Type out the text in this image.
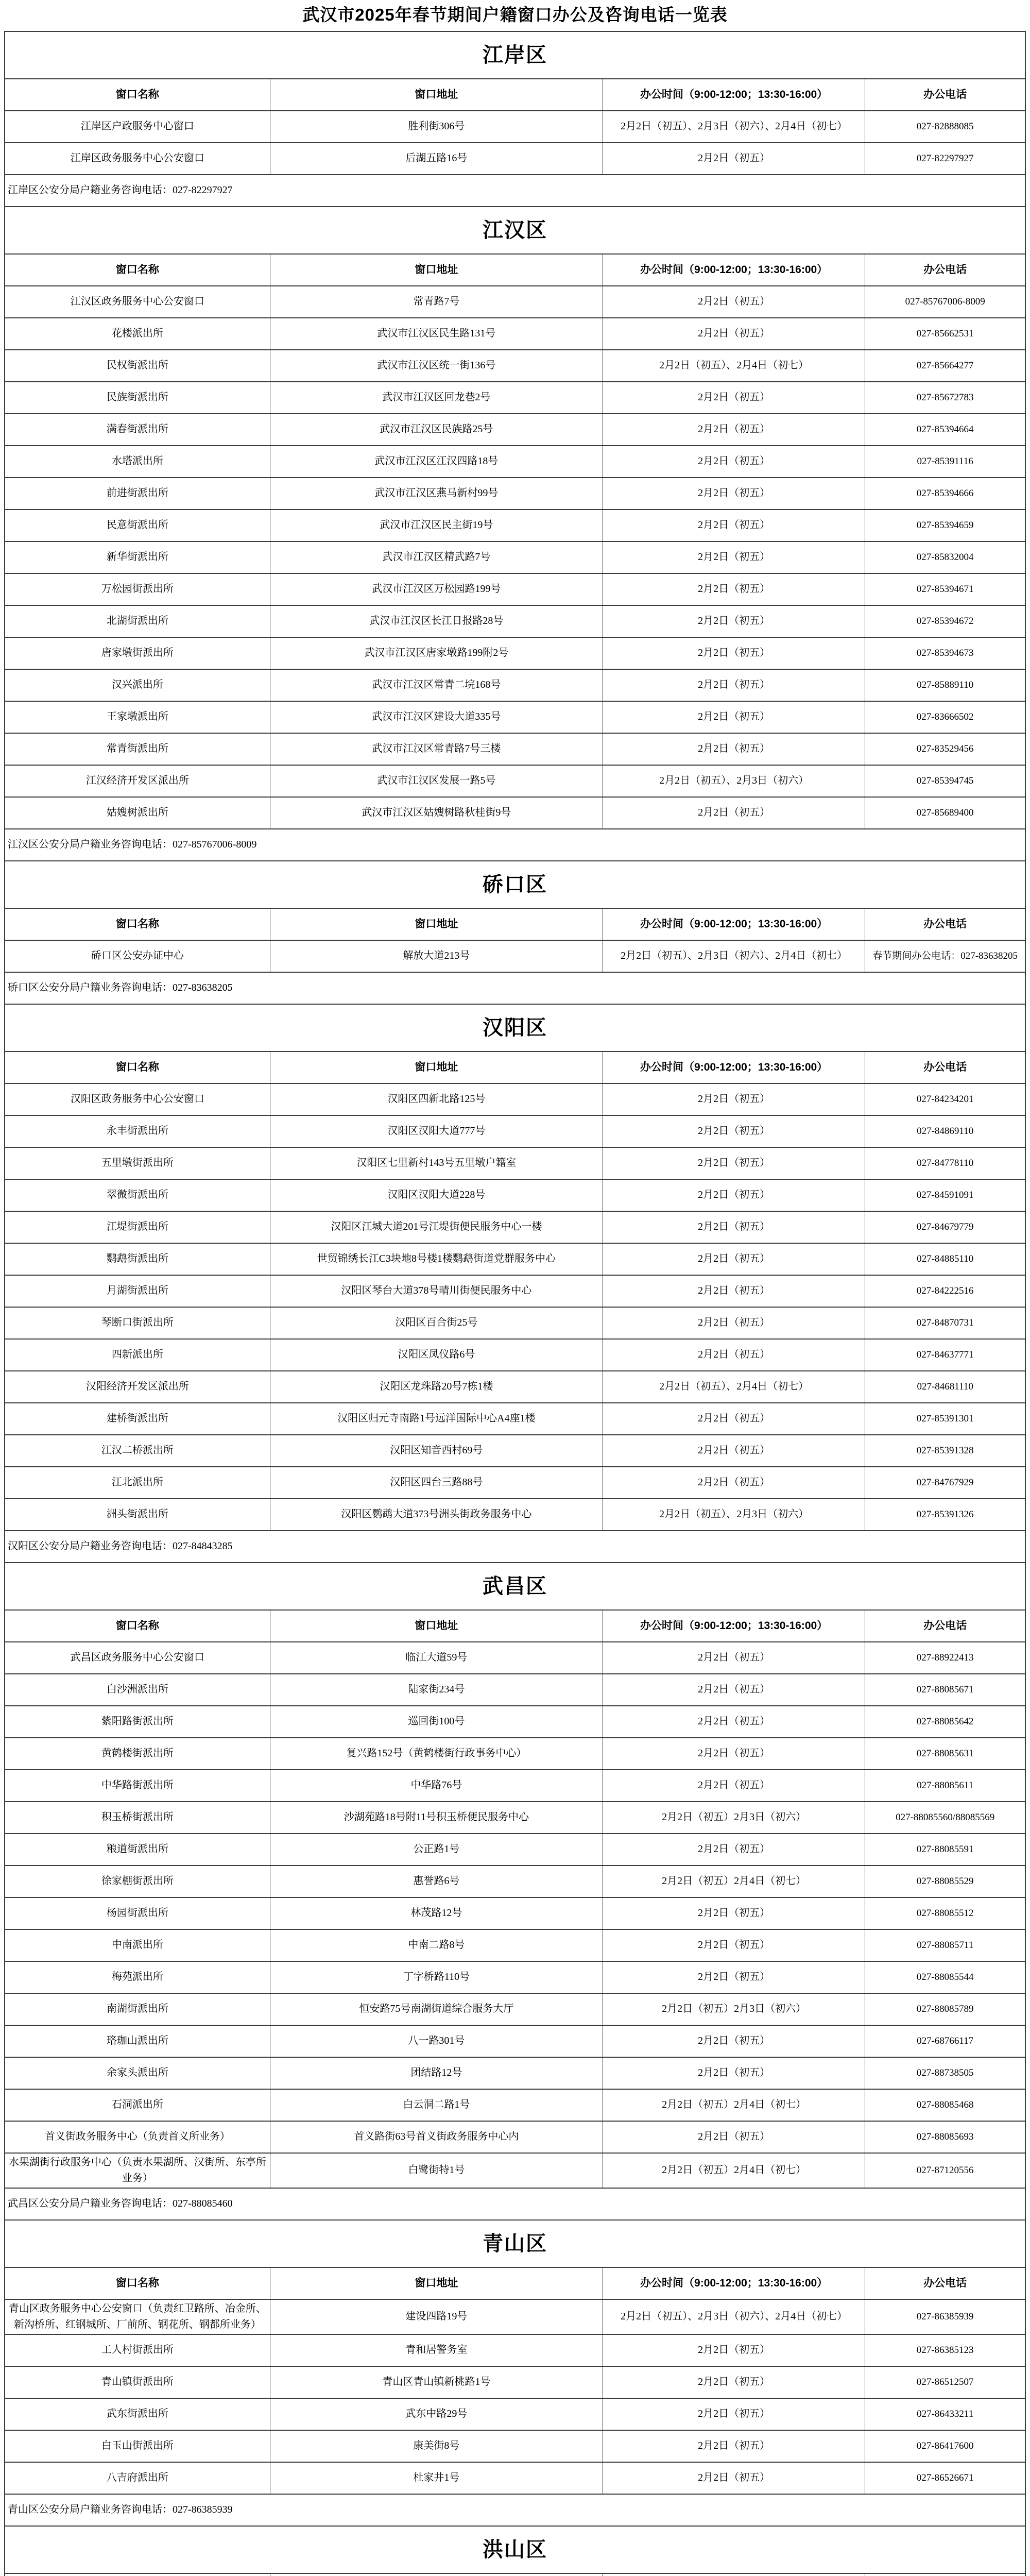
武汉市2025年春节期间户籍窗口办公及咨询电话一览表
江岸区			
窗口名称	窗口地址	办公时间（9:00-12:00；13:30-16:00）	办公电话
江岸区户政服务中心窗口	胜利街306号	2月2日（初五）、2月3日（初六）、2月4日（初七）	027-82888085
江岸区政务服务中心公安窗口	后湖五路16号	2月2日（初五）	027-82297927
江岸区公安分局户籍业务咨询电话：027-82297927			
江汉区			
窗口名称	窗口地址	办公时间（9:00-12:00；13:30-16:00）	办公电话
江汉区政务服务中心公安窗口	常青路7号	2月2日（初五）	027-85767006-8009
花楼派出所	武汉市江汉区民生路131号	2月2日（初五）	027-85662531
民权街派出所	武汉市江汉区统一街136号	2月2日（初五）、2月4日（初七）	027-85664277
民族街派出所	武汉市江汉区回龙巷2号	2月2日（初五）	027-85672783
满春街派出所	武汉市江汉区民族路25号	2月2日（初五）	027-85394664
水塔派出所	武汉市江汉区江汉四路18号	2月2日（初五）	027-85391116
前进街派出所	武汉市江汉区燕马新村99号	2月2日（初五）	027-85394666
民意街派出所	武汉市江汉区民主街19号	2月2日（初五）	027-85394659
新华街派出所	武汉市江汉区精武路7号	2月2日（初五）	027-85832004
万松园街派出所	武汉市江汉区万松园路199号	2月2日（初五）	027-85394671
北湖街派出所	武汉市江汉区长江日报路28号	2月2日（初五）	027-85394672
唐家墩街派出所	武汉市江汉区唐家墩路199附2号	2月2日（初五）	027-85394673
汉兴派出所	武汉市江汉区常青二垸168号	2月2日（初五）	027-85889110
王家墩派出所	武汉市江汉区建设大道335号	2月2日（初五）	027-83666502
常青街派出所	武汉市江汉区常青路7号三楼	2月2日（初五）	027-83529456
江汉经济开发区派出所	武汉市江汉区发展一路5号	2月2日（初五）、2月3日（初六）	027-85394745
姑嫂树派出所	武汉市江汉区姑嫂树路秋桂街9号	2月2日（初五）	027-85689400
江汉区公安分局户籍业务咨询电话：027-85767006-8009			
硚口区			
窗口名称	窗口地址	办公时间（9:00-12:00；13:30-16:00）	办公电话
硚口区公安办证中心	解放大道213号	2月2日（初五）、2月3日（初六）、2月4日（初七）	春节期间办公电话：027-83638205
硚口区公安分局户籍业务咨询电话：027-83638205			
汉阳区			
窗口名称	窗口地址	办公时间（9:00-12:00；13:30-16:00）	办公电话
汉阳区政务服务中心公安窗口	汉阳区四新北路125号	2月2日（初五）	027-84234201
永丰街派出所	汉阳区汉阳大道777号	2月2日（初五）	027-84869110
五里墩街派出所	汉阳区七里新村143号五里墩户籍室	2月2日（初五）	027-84778110
翠微街派出所	汉阳区汉阳大道228号	2月2日（初五）	027-84591091
江堤街派出所	汉阳区江城大道201号江堤街便民服务中心一楼	2月2日（初五）	027-84679779
鹦鹉街派出所	世贸锦绣长江C3块地8号楼1楼鹦鹉街道党群服务中心	2月2日（初五）	027-84885110
月湖街派出所	汉阳区琴台大道378号晴川街便民服务中心	2月2日（初五）	027-84222516
琴断口街派出所	汉阳区百合街25号	2月2日（初五）	027-84870731
四新派出所	汉阳区凤仪路6号	2月2日（初五）	027-84637771
汉阳经济开发区派出所	汉阳区龙珠路20号7栋1楼	2月2日（初五）、2月4日（初七）	027-84681110
建桥街派出所	汉阳区归元寺南路1号远洋国际中心A4座1楼	2月2日（初五）	027-85391301
江汉二桥派出所	汉阳区知音西村69号	2月2日（初五）	027-85391328
江北派出所	汉阳区四台三路88号	2月2日（初五）	027-84767929
洲头街派出所	汉阳区鹦鹉大道373号洲头街政务服务中心	2月2日（初五）、2月3日（初六）	027-85391326
汉阳区公安分局户籍业务咨询电话：027-84843285			
武昌区			
窗口名称	窗口地址	办公时间（9:00-12:00；13:30-16:00）	办公电话
武昌区政务服务中心公安窗口	临江大道59号	2月2日（初五）	027-88922413
白沙洲派出所	陆家街234号	2月2日（初五）	027-88085671
紫阳路街派出所	巡回街100号	2月2日（初五）	027-88085642
黄鹤楼街派出所	复兴路152号（黄鹤楼街行政事务中心）	2月2日（初五）	027-88085631
中华路街派出所	中华路76号	2月2日（初五）	027-88085611
积玉桥街派出所	沙湖苑路18号附11号积玉桥便民服务中心	2月2日（初五）2月3日（初六）	027-88085560/88085569
粮道街派出所	公正路1号	2月2日（初五）	027-88085591
徐家棚街派出所	惠誉路6号	2月2日（初五）2月4日（初七）	027-88085529
杨园街派出所	林茂路12号	2月2日（初五）	027-88085512
中南派出所	中南二路8号	2月2日（初五）	027-88085711
梅苑派出所	丁字桥路110号	2月2日（初五）	027-88085544
南湖街派出所	恒安路75号南湖街道综合服务大厅	2月2日（初五）2月3日（初六）	027-88085789
珞珈山派出所	八一路301号	2月2日（初五）	027-68766117
余家头派出所	团结路12号	2月2日（初五）	027-88738505
石洞派出所	白云洞二路1号	2月2日（初五）2月4日（初七）	027-88085468
首义街政务服务中心（负责首义所业务）	首义路街63号首义街政务服务中心内	2月2日（初五）	027-88085693
水果湖街行政服务中心（负责水果湖所、汉街所、东亭所业务）	白鹭街特1号	2月2日（初五）2月4日（初七）	027-87120556
武昌区公安分局户籍业务咨询电话：027-88085460			
青山区			
窗口名称	窗口地址	办公时间（9:00-12:00；13:30-16:00）	办公电话
青山区政务服务中心公安窗口（负责红卫路所、冶金所、新沟桥所、红钢城所、厂前所、钢花所、钢都所业务）	建设四路19号	2月2日（初五）、2月3日（初六）、2月4日（初七）	027-86385939
工人村街派出所	青和居警务室	2月2日（初五）	027-86385123
青山镇街派出所	青山区青山镇新桃路1号	2月2日（初五）	027-86512507
武东街派出所	武东中路29号	2月2日（初五）	027-86433211
白玉山街派出所	康美街8号	2月2日（初五）	027-86417600
八吉府派出所	杜家井1号	2月2日（初五）	027-86526671
青山区公安分局户籍业务咨询电话：027-86385939			
洪山区			
